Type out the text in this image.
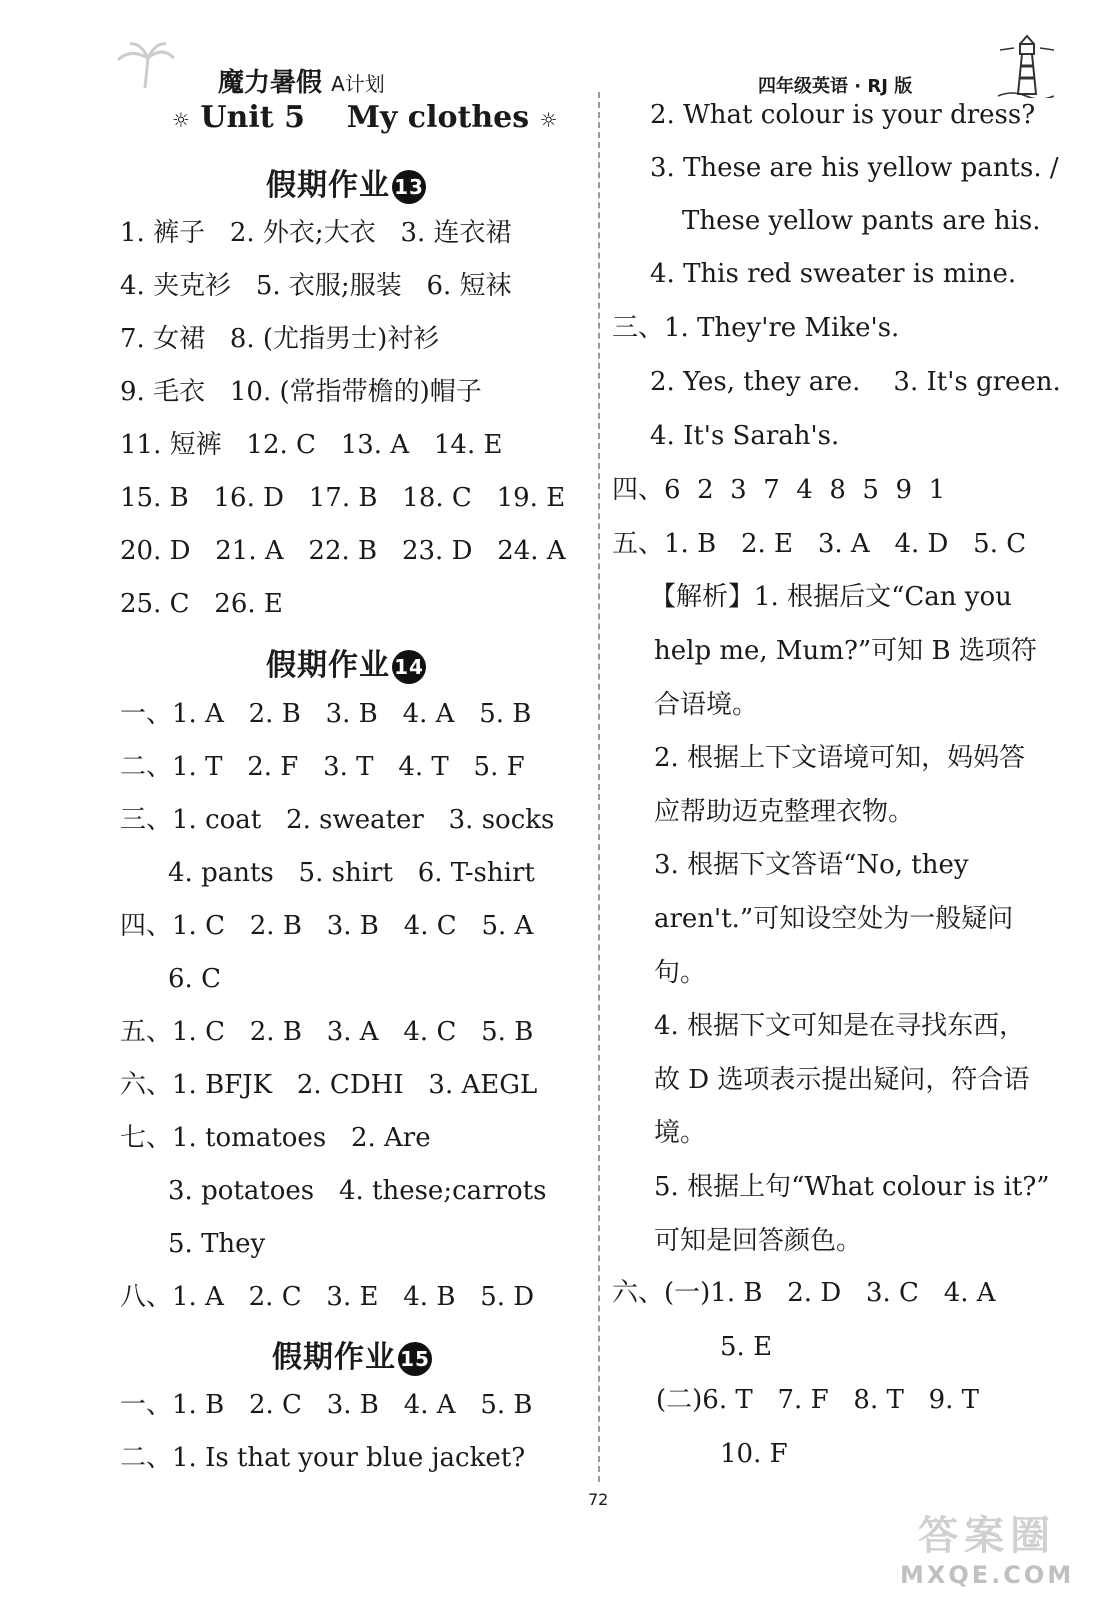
魔力暑假 A计划
☼ Unit 5    My clothes ☼
四年级英语 · RJ 版
假期作业 13
1. 裤子   2. 外衣;大衣   3. 连衣裙
4. 夹克衫   5. 衣服;服装   6. 短袜
7. 女裙   8. (尤指男士)衬衫
9. 毛衣   10. (常指带檐的)帽子
11. 短裤   12. C   13. A   14. E
15. B   16. D   17. B   18. C   19. E
20. D   21. A   22. B   23. D   24. A
25. C   26. E
假期作业 14
一、1. A   2. B   3. B   4. A   5. B
二、1. T   2. F   3. T   4. T   5. F
三、1. coat   2. sweater   3. socks
4. pants   5. shirt   6. T-shirt
四、1. C   2. B   3. B   4. C   5. A
6. C
五、1. C   2. B   3. A   4. C   5. B
六、1. BFJK   2. CDHI   3. AEGL
七、1. tomatoes   2. Are
3. potatoes   4. these;carrots
5. They
八、1. A   2. C   3. E   4. B   5. D
假期作业 15
一、1. B   2. C   3. B   4. A   5. B
二、1. Is that your blue jacket?
2. What colour is your dress?
3. These are his yellow pants. /
These yellow pants are his.
4. This red sweater is mine.
三、1. They're Mike's.
2. Yes, they are.    3. It's green.
4. It's Sarah's.
四、6  2  3  7  4  8  5  9  1
五、1. B   2. E   3. A   4. D   5. C
【解析】1. 根据后文“Can you
help me, Mum?”可知 B 选项符
合语境。
2. 根据上下文语境可知，妈妈答
应帮助迈克整理衣物。
3. 根据下文答语“No, they
aren't.”可知设空处为一般疑问
句。
4. 根据下文可知是在寻找东西，
故 D 选项表示提出疑问，符合语
境。
5. 根据上句“What colour is it?”
可知是回答颜色。
六、(一)1. B   2. D   3. C   4. A
5. E
(二)6. T   7. F   8. T   9. T
10. F
72
答案圈
MXQE.COM
